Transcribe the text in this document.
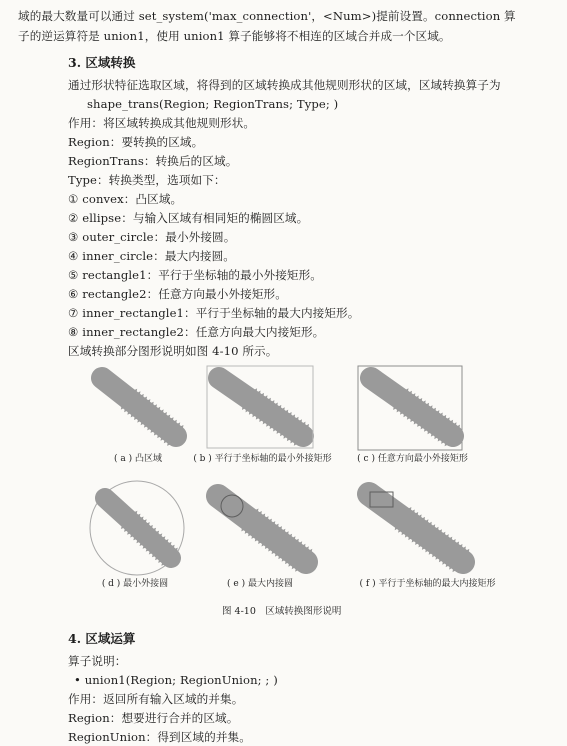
域的最大数量可以通过 set_system('max_connection'，<Num>)提前设置。connection 算
子的逆运算符是 union1，使用 union1 算子能够将不相连的区域合并成一个区域。
3. 区域转换
通过形状特征选取区域，将得到的区域转换成其他规则形状的区域，区域转换算子为
shape_trans(Region; RegionTrans; Type; )
作用：将区域转换成其他规则形状。
Region：要转换的区域。
RegionTrans：转换后的区域。
Type：转换类型，选项如下：
① convex：凸区域。
② ellipse：与输入区域有相同矩的椭圆区域。
③ outer_circle：最小外接圆。
④ inner_circle：最大内接圆。
⑤ rectangle1：平行于坐标轴的最小外接矩形。
⑥ rectangle2：任意方向最小外接矩形。
⑦ inner_rectangle1：平行于坐标轴的最大内接矩形。
⑧ inner_rectangle2：任意方向最大内接矩形。
区域转换部分图形说明如图 4-10 所示。
( a ) 凸区域	( b ) 平行于坐标轴的最小外接矩形	( c ) 任意方向最小外接矩形
( d ) 最小外接圆	( e ) 最大内接圆	( f ) 平行于坐标轴的最大内接矩形
图 4-10　区域转换图形说明
4. 区域运算
算子说明：
• union1(Region; RegionUnion; ; )
作用：返回所有输入区域的并集。
Region：想要进行合并的区域。
RegionUnion：得到区域的并集。
